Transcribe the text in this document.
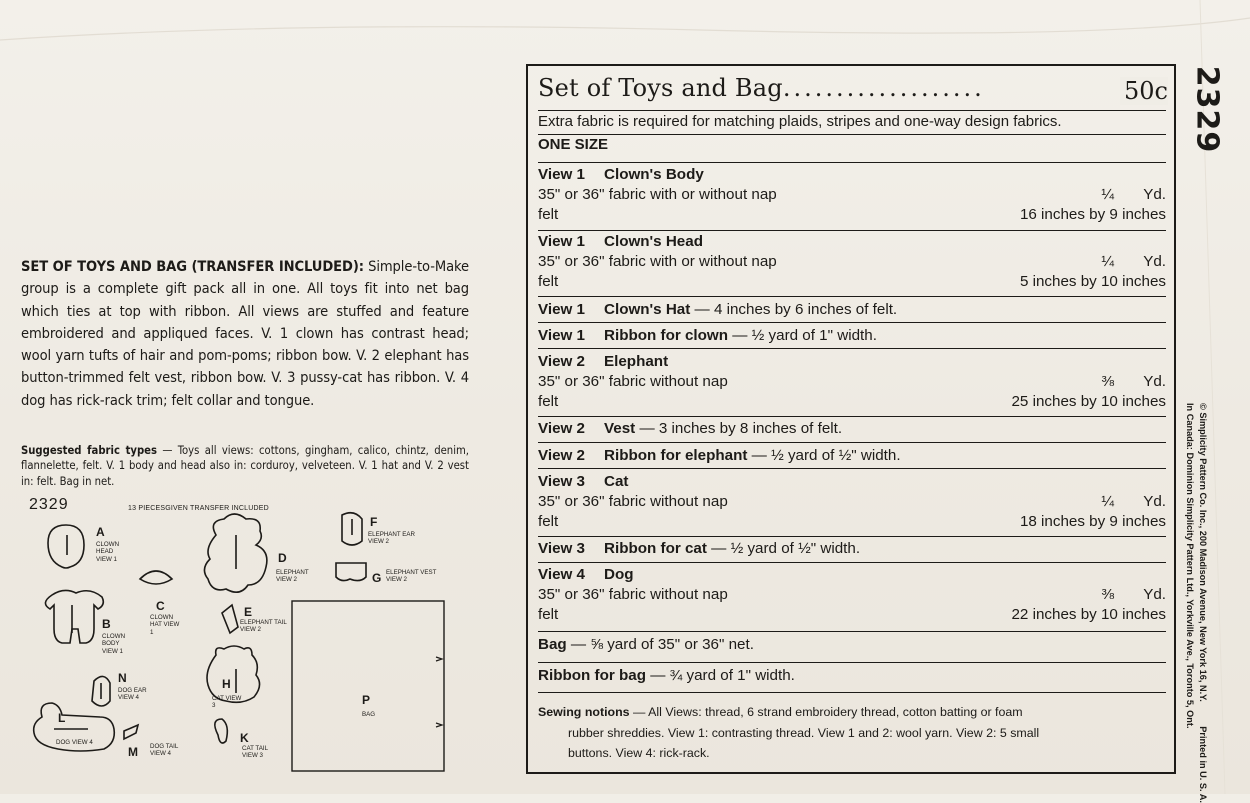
SET OF TOYS AND BAG (TRANSFER INCLUDED): Simple-to-Make group is a complete gift pack all in one. All toys fit into net bag which ties at top with ribbon. All views are stuffed and feature embroidered and appliqued faces. V. 1 clown has contrast head; wool yarn tufts of hair and pom-poms; ribbon bow. V. 2 elephant has button-trimmed felt vest, ribbon bow. V. 3 pussy-cat has ribbon. V. 4 dog has rick-rack trim; felt collar and tongue.
Suggested fabric types — Toys all views: cottons, gingham, calico, chintz, denim, flannelette, felt. V. 1 body and head also in: corduroy, velveteen. V. 1 hat and V. 2 vest in: felt. Bag in net.
2329	13 PIECESGIVEN TRANSFER INCLUDED
A
CLOWN HEAD VIEW 1
B
CLOWN BODY VIEW 1
C
CLOWN HAT VIEW 1
D
ELEPHANT VIEW 2
E
ELEPHANT TAIL VIEW 2
F
ELEPHANT EAR VIEW 2
G ELEPHANT VEST VIEW 2
H
CAT VIEW 3
K
CAT TAIL VIEW 3
L
DOG VIEW 4
M DOG TAIL VIEW 4
N
DOG EAR VIEW 4	P
BAG
Set of Toys and Bag...................	50c
Extra fabric is required for matching plaids, stripes and one-way design fabrics.
ONE SIZE
View 1 Clown's Body
35" or 36" fabric with or without nap	¼ Yd.
felt	16 inches by 9 inches
View 1 Clown's Head
35" or 36" fabric with or without nap	¼ Yd.
felt	5 inches by 10 inches
View 1 Clown's Hat — 4 inches by 6 inches of felt.
View 1 Ribbon for clown — ½ yard of 1" width.
View 2 Elephant
35" or 36" fabric without nap	⅜ Yd.
felt	25 inches by 10 inches
View 2 Vest — 3 inches by 8 inches of felt.
View 2 Ribbon for elephant — ½ yard of ½" width.
View 3 Cat
35" or 36" fabric without nap	¼ Yd.
felt	18 inches by 9 inches
View 3 Ribbon for cat — ½ yard of ½" width.
View 4 Dog
35" or 36" fabric without nap	⅜ Yd.
felt	22 inches by 10 inches
Bag — ⅝ yard of 35" or 36" net.
Ribbon for bag — ¾ yard of 1" width.
Sewing notions — All Views: thread, 6 strand embroidery thread, cotton batting or foam
rubber shreddies. View 1: contrasting thread. View 1 and 2: wool yarn. View 2: 5 small
buttons. View 4: rick-rack.
2329
© Simplicity Pattern Co. Inc., 200 Madison Avenue, New York 16, N.Y.
In Canada: Dominion Simplicity Pattern Ltd., Yorkville Ave., Toronto 5, Ont.
Printed in U. S. A.
